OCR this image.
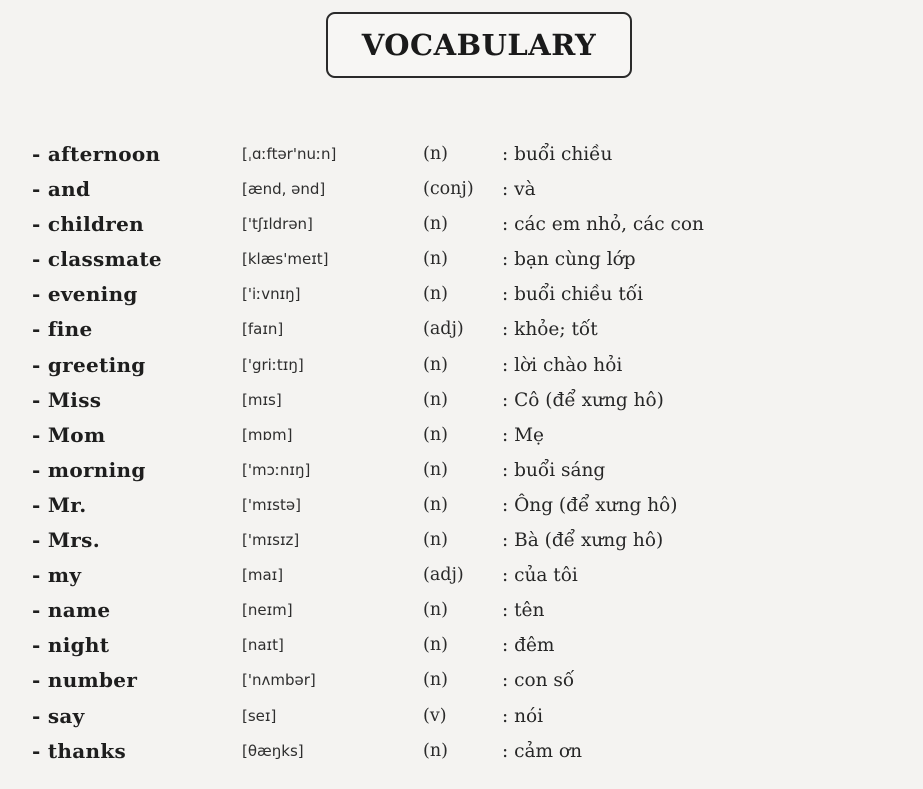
VOCABULARY
- afternoon	[ˌɑːftər'nuːn]	(n)	: buổi chiều
- and	[ænd, ənd]	(conj) : và
- children	['tʃɪldrən]	(n)	: các em nhỏ, các con
- classmate	[klæs'meɪt]	(n)	: bạn cùng lớp
- evening	['iːvnɪŋ]	(n)	: buổi chiều tối
- fine	[faɪn]	(adj) : khỏe; tốt
- greeting	['griːtɪŋ]	(n)	: lời chào hỏi
- Miss	[mɪs]	(n)	: Cô (để xưng hô)
- Mom	[mɒm]	(n)	: Mẹ
- morning	['mɔːnɪŋ]	(n)	: buổi sáng
- Mr.	['mɪstə]	(n)	: Ông (để xưng hô)
- Mrs.	['mɪsɪz]	(n)	: Bà (để xưng hô)
- my	[maɪ]	(adj) : của tôi
- name	[neɪm]	(n)	: tên
- night	[naɪt]	(n)	: đêm
- number	['nʌmbər]	(n)	: con số
- say	[seɪ]	(v)	: nói
- thanks	[θæŋks]	(n)	: cảm ơn
